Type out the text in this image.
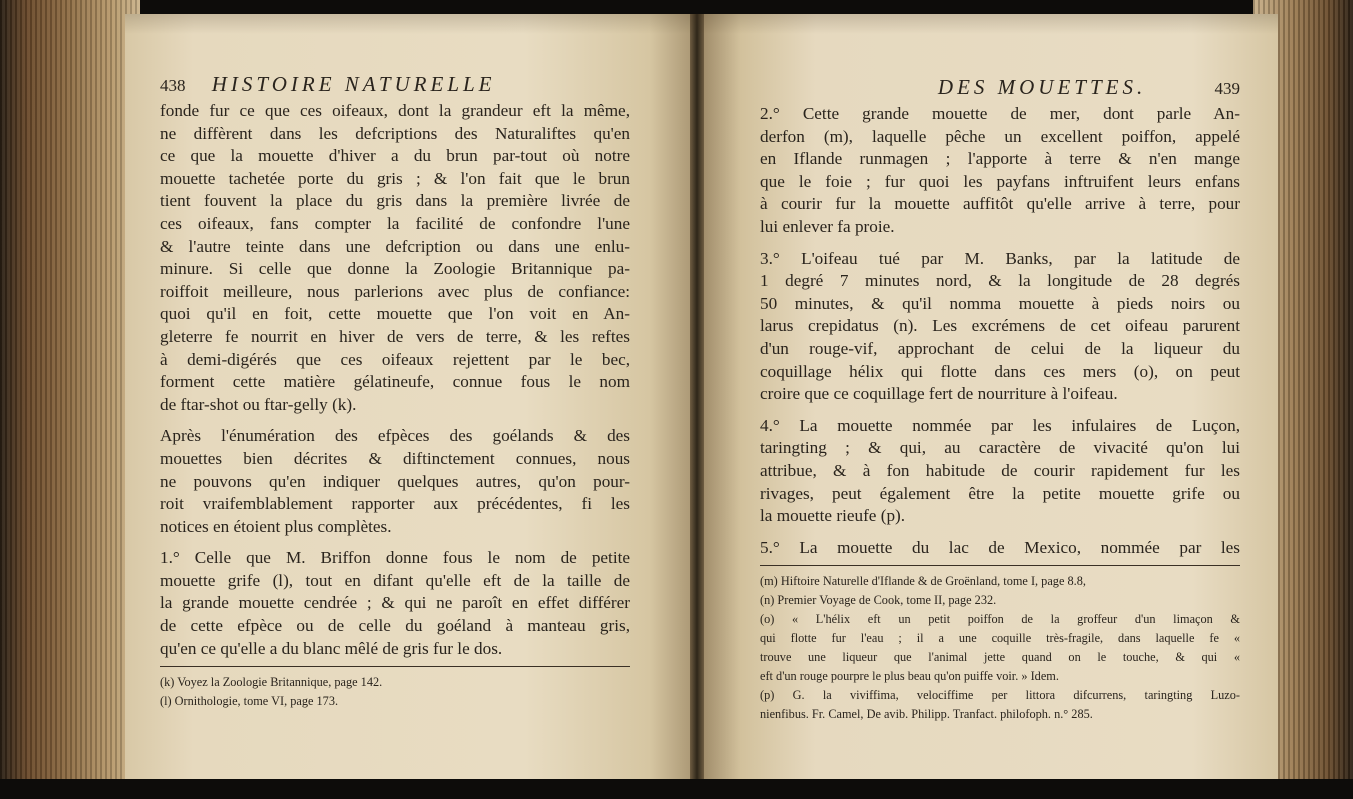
438 HISTOIRE NATURELLE
fonde fur ce que ces oifeaux, dont la grandeur eft la même,
ne diffèrent dans les defcriptions des Naturaliftes qu'en
ce que la mouette d'hiver a du brun par-tout où notre
mouette tachetée porte du gris ; & l'on fait que le brun
tient fouvent la place du gris dans la première livrée de
ces oifeaux, fans compter la facilité de confondre l'une
& l'autre teinte dans une defcription ou dans une enlu-
minure. Si celle que donne la Zoologie Britannique pa-
roiffoit meilleure, nous parlerions avec plus de confiance:
quoi qu'il en foit, cette mouette que l'on voit en An-
gleterre fe nourrit en hiver de vers de terre, & les reftes
à demi-digérés que ces oifeaux rejettent par le bec,
forment cette matière gélatineufe, connue fous le nom
de ftar-shot ou ftar-gelly (k).
Après l'énumération des efpèces des goélands & des
mouettes bien décrites & diftinctement connues, nous
ne pouvons qu'en indiquer quelques autres, qu'on pour-
roit vraifemblablement rapporter aux précédentes, fi les
notices en étoient plus complètes.
1.° Celle que M. Briffon donne fous le nom de petite
mouette grife (l), tout en difant qu'elle eft de la taille de
la grande mouette cendrée ; & qui ne paroît en effet différer
de cette efpèce ou de celle du goéland à manteau gris,
qu'en ce qu'elle a du blanc mêlé de gris fur le dos.
(k) Voyez la Zoologie Britannique, page 142.
(l) Ornithologie, tome VI, page 173.
DES MOUETTES.	439
2.° Cette grande mouette de mer, dont parle An-
derfon (m), laquelle pêche un excellent poiffon, appelé
en Iflande runmagen ; l'apporte à terre & n'en mange
que le foie ; fur quoi les payfans inftruifent leurs enfans
à courir fur la mouette auffitôt qu'elle arrive à terre, pour
lui enlever fa proie.
3.° L'oifeau tué par M. Banks, par la latitude de
1 degré 7 minutes nord, & la longitude de 28 degrés
50 minutes, & qu'il nomma mouette à pieds noirs ou
larus crepidatus (n). Les excrémens de cet oifeau parurent
d'un rouge-vif, approchant de celui de la liqueur du
coquillage hélix qui flotte dans ces mers (o), on peut
croire que ce coquillage fert de nourriture à l'oifeau.
4.° La mouette nommée par les infulaires de Luçon,
taringting ; & qui, au caractère de vivacité qu'on lui
attribue, & à fon habitude de courir rapidement fur les
rivages, peut également être la petite mouette grife ou
la mouette rieufe (p).
5.° La mouette du lac de Mexico, nommée par les
(m) Hiftoire Naturelle d'Iflande & de Groënland, tome I, page 8.8,
(n) Premier Voyage de Cook, tome II, page 232.
(o) « L'hélix eft un petit poiffon de la groffeur d'un limaçon &
qui flotte fur l'eau ; il a une coquille très-fragile, dans laquelle fe «
trouve une liqueur que l'animal jette quand on le touche, & qui «
eft d'un rouge pourpre le plus beau qu'on puiffe voir. » Idem.
(p) G. la viviffima, velociffime per littora difcurrens, taringting Luzo-
nienfibus. Fr. Camel, De avib. Philipp. Tranfact. philofoph. n.° 285.
